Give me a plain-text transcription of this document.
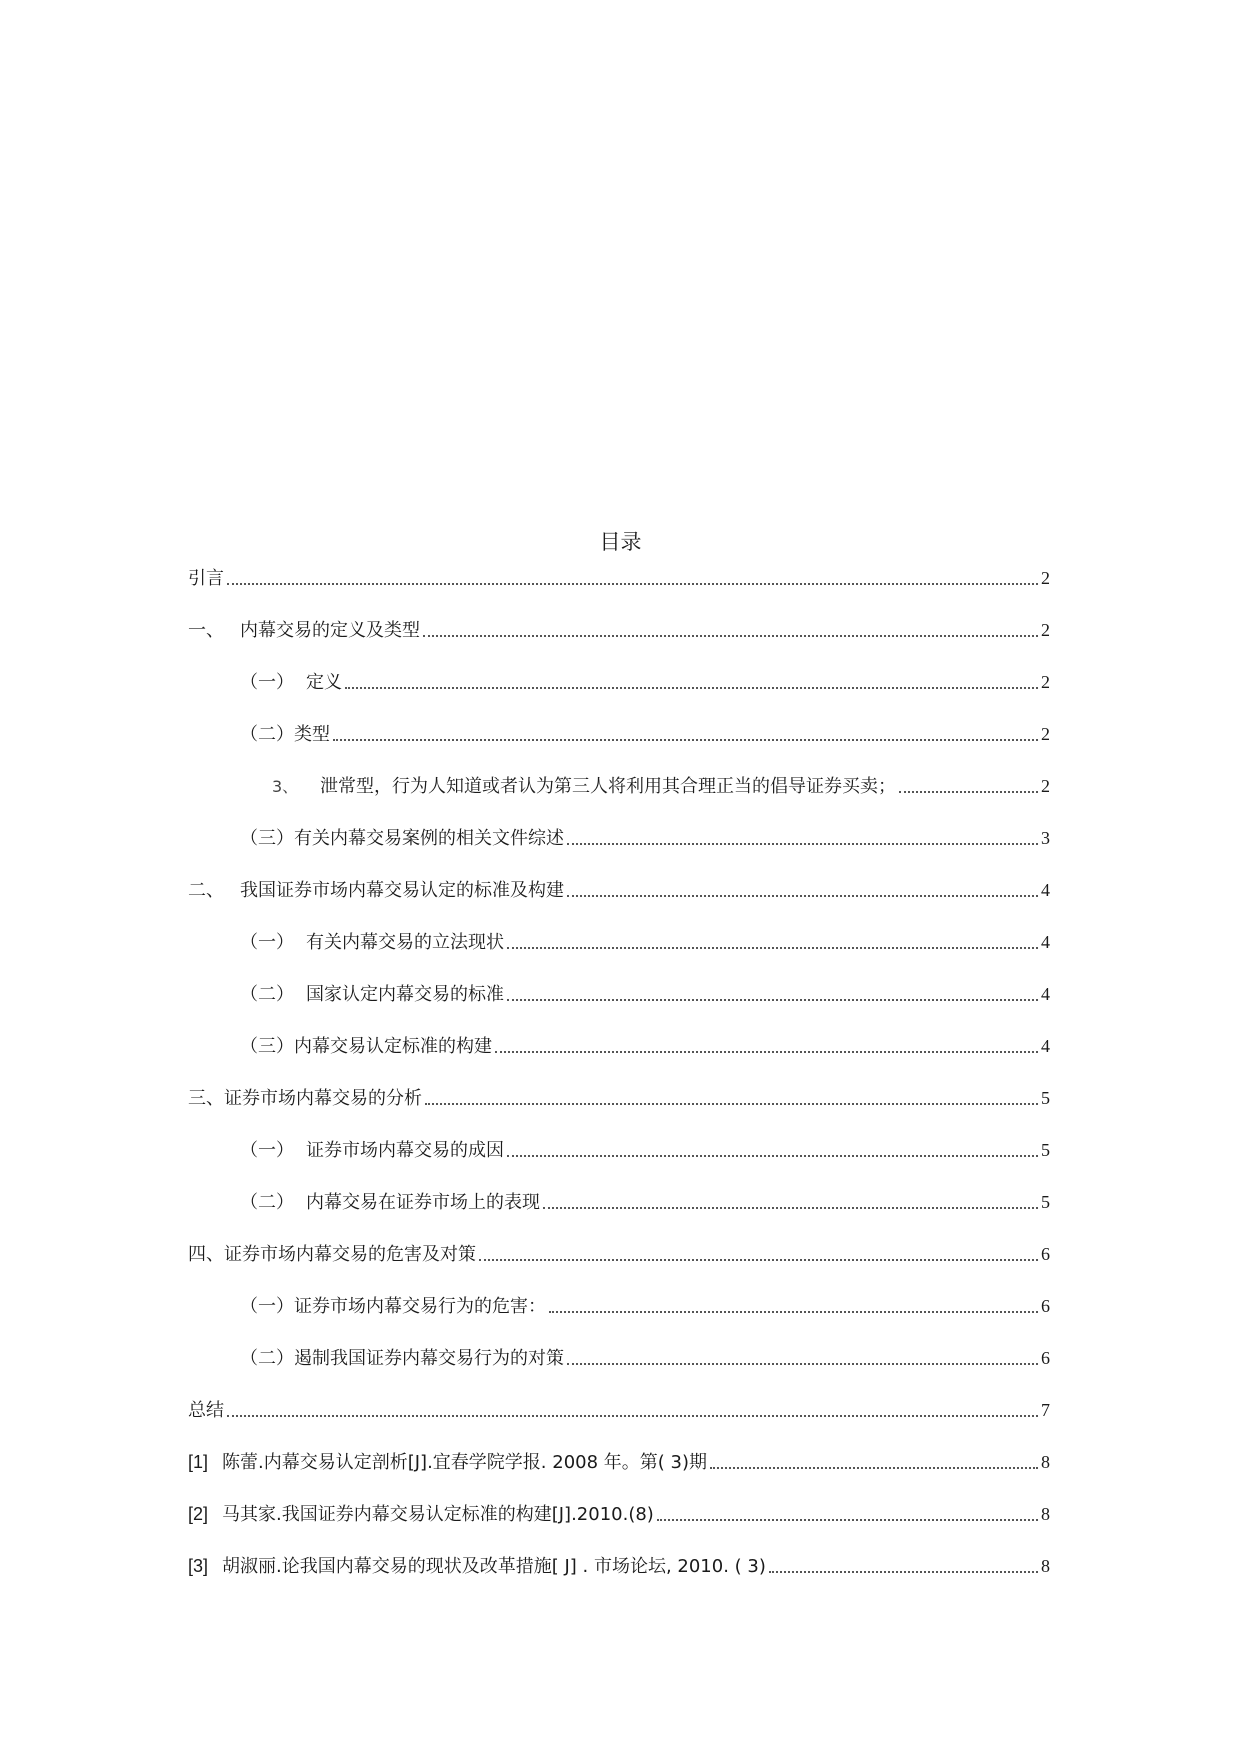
目录
引言	2
一、 内幕交易的定义及类型	2
（一） 定义	2
（二） 类型	2
3、	泄常型，行为人知道或者认为第三人将利用其合理正当的倡导证券买卖；	2
（三） 有关内幕交易案例的相关文件综述	3
二、 我国证券市场内幕交易认定的标准及构建	4
（一） 有关内幕交易的立法现状	4
（二） 国家认定内幕交易的标准	4
（三） 内幕交易认定标准的构建	4
三、 证券市场内幕交易的分析	5
（一） 证券市场内幕交易的成因	5
（二） 内幕交易在证券市场上的表现	5
四、 证券市场内幕交易的危害及对策	6
（一） 证券市场内幕交易行为的危害：	6
（二） 遏制我国证券内幕交易行为的对策	6
总结	7
[1] 陈蕾.内幕交易认定剖析[J].宜春学院学报. 2008 年。第( 3)期	8
[2] 马其家.我国证券内幕交易认定标准的构建[J].2010.(8)	8
[3] 胡淑丽.论我国内幕交易的现状及改革措施[ J] . 市场论坛, 2010. ( 3)	8
